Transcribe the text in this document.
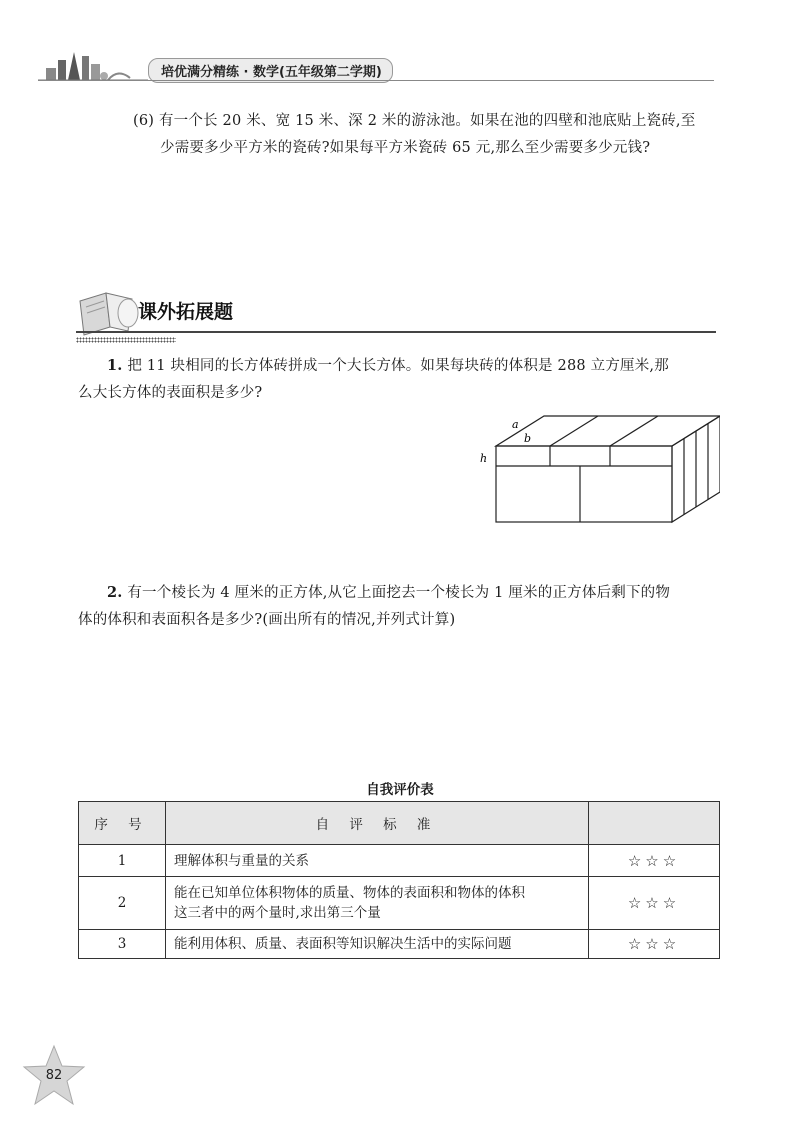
培优满分精练 · 数学(五年级第二学期)
(6) 有一个长 20 米、宽 15 米、深 2 米的游泳池。如果在池的四壁和池底贴上瓷砖,至
少需要多少平方米的瓷砖?如果每平方米瓷砖 65 元,那么至少需要多少元钱?
课外拓展题
1. 把 11 块相同的长方体砖拼成一个大长方体。如果每块砖的体积是 288 立方厘米,那
么大长方体的表面积是多少?
a
b
h
2. 有一个棱长为 4 厘米的正方体,从它上面挖去一个棱长为 1 厘米的正方体后剩下的物
体的体积和表面积各是多少?(画出所有的情况,并列式计算)
自我评价表
序 号	自 评 标 准	
1	理解体积与重量的关系	☆☆☆
2	能在已知单位体积物体的质量、物体的表面积和物体的体积
这三者中的两个量时,求出第三个量	☆☆☆
3	能利用体积、质量、表面积等知识解决生活中的实际问题	☆☆☆
82
